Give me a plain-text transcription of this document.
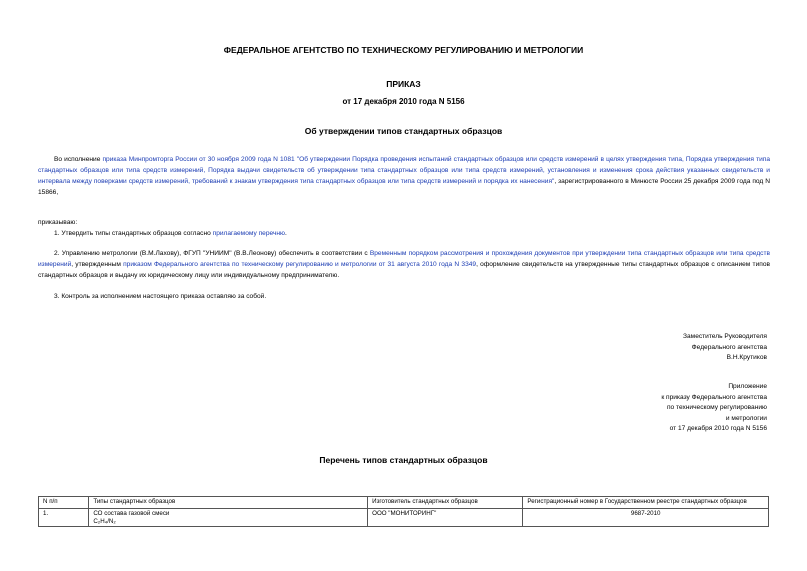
ФЕДЕРАЛЬНОЕ АГЕНТСТВО ПО ТЕХНИЧЕСКОМУ РЕГУЛИРОВАНИЮ И МЕТРОЛОГИИ
ПРИКАЗ
от 17 декабря 2010 года N 5156
Об утверждении типов стандартных образцов
Во исполнение приказа Минпромторга России от 30 ноября 2009 года N 1081 "Об утверждении Порядка проведения испытаний стандартных образцов или средств измерений в целях утверждения типа, Порядка утверждения типа стандартных образцов или типа средств измерений, Порядка выдачи свидетельств об утверждении типа стандартных образцов или типа средств измерений, установления и изменения срока действия указанных свидетельств и интервала между поверками средств измерений, требований к знакам утверждения типа стандартных образцов или типа средств измерений и порядка их нанесения", зарегистрированного в Минюсте России 25 декабря 2009 года под N 15866,
приказываю:
1. Утвердить типы стандартных образцов согласно прилагаемому перечню.
2. Управлению метрологии (В.М.Лахову), ФГУП "УНИИМ" (В.В.Леонову) обеспечить в соответствии с Временным порядком рассмотрения и прохождения документов при утверждении типа стандартных образцов или типа средств измерений, утвержденным приказом Федерального агентства по техническому регулированию и метрологии от 31 августа 2010 года N 3349, оформление свидетельств на утвержденные типы стандартных образцов с описанием типов стандартных образцов и выдачу их юридическому лицу или индивидуальному предпринимателю.
3. Контроль за исполнением настоящего приказа оставляю за собой.
Заместитель Руководителя
Федерального агентства
В.Н.Крутиков
Приложение
к приказу Федерального агентства
по техническому регулированию
и метрологии
от 17 декабря 2010 года N 5156
Перечень типов стандартных образцов
N п/п	Типы стандартных образцов	Изготовитель стандартных образцов	Регистрационный номер в Государственном реестре стандартных образцов
1.	СО состава газовой смеси
C₂H₄/N₂	ООО "МОНИТОРИНГ"	9687-2010
